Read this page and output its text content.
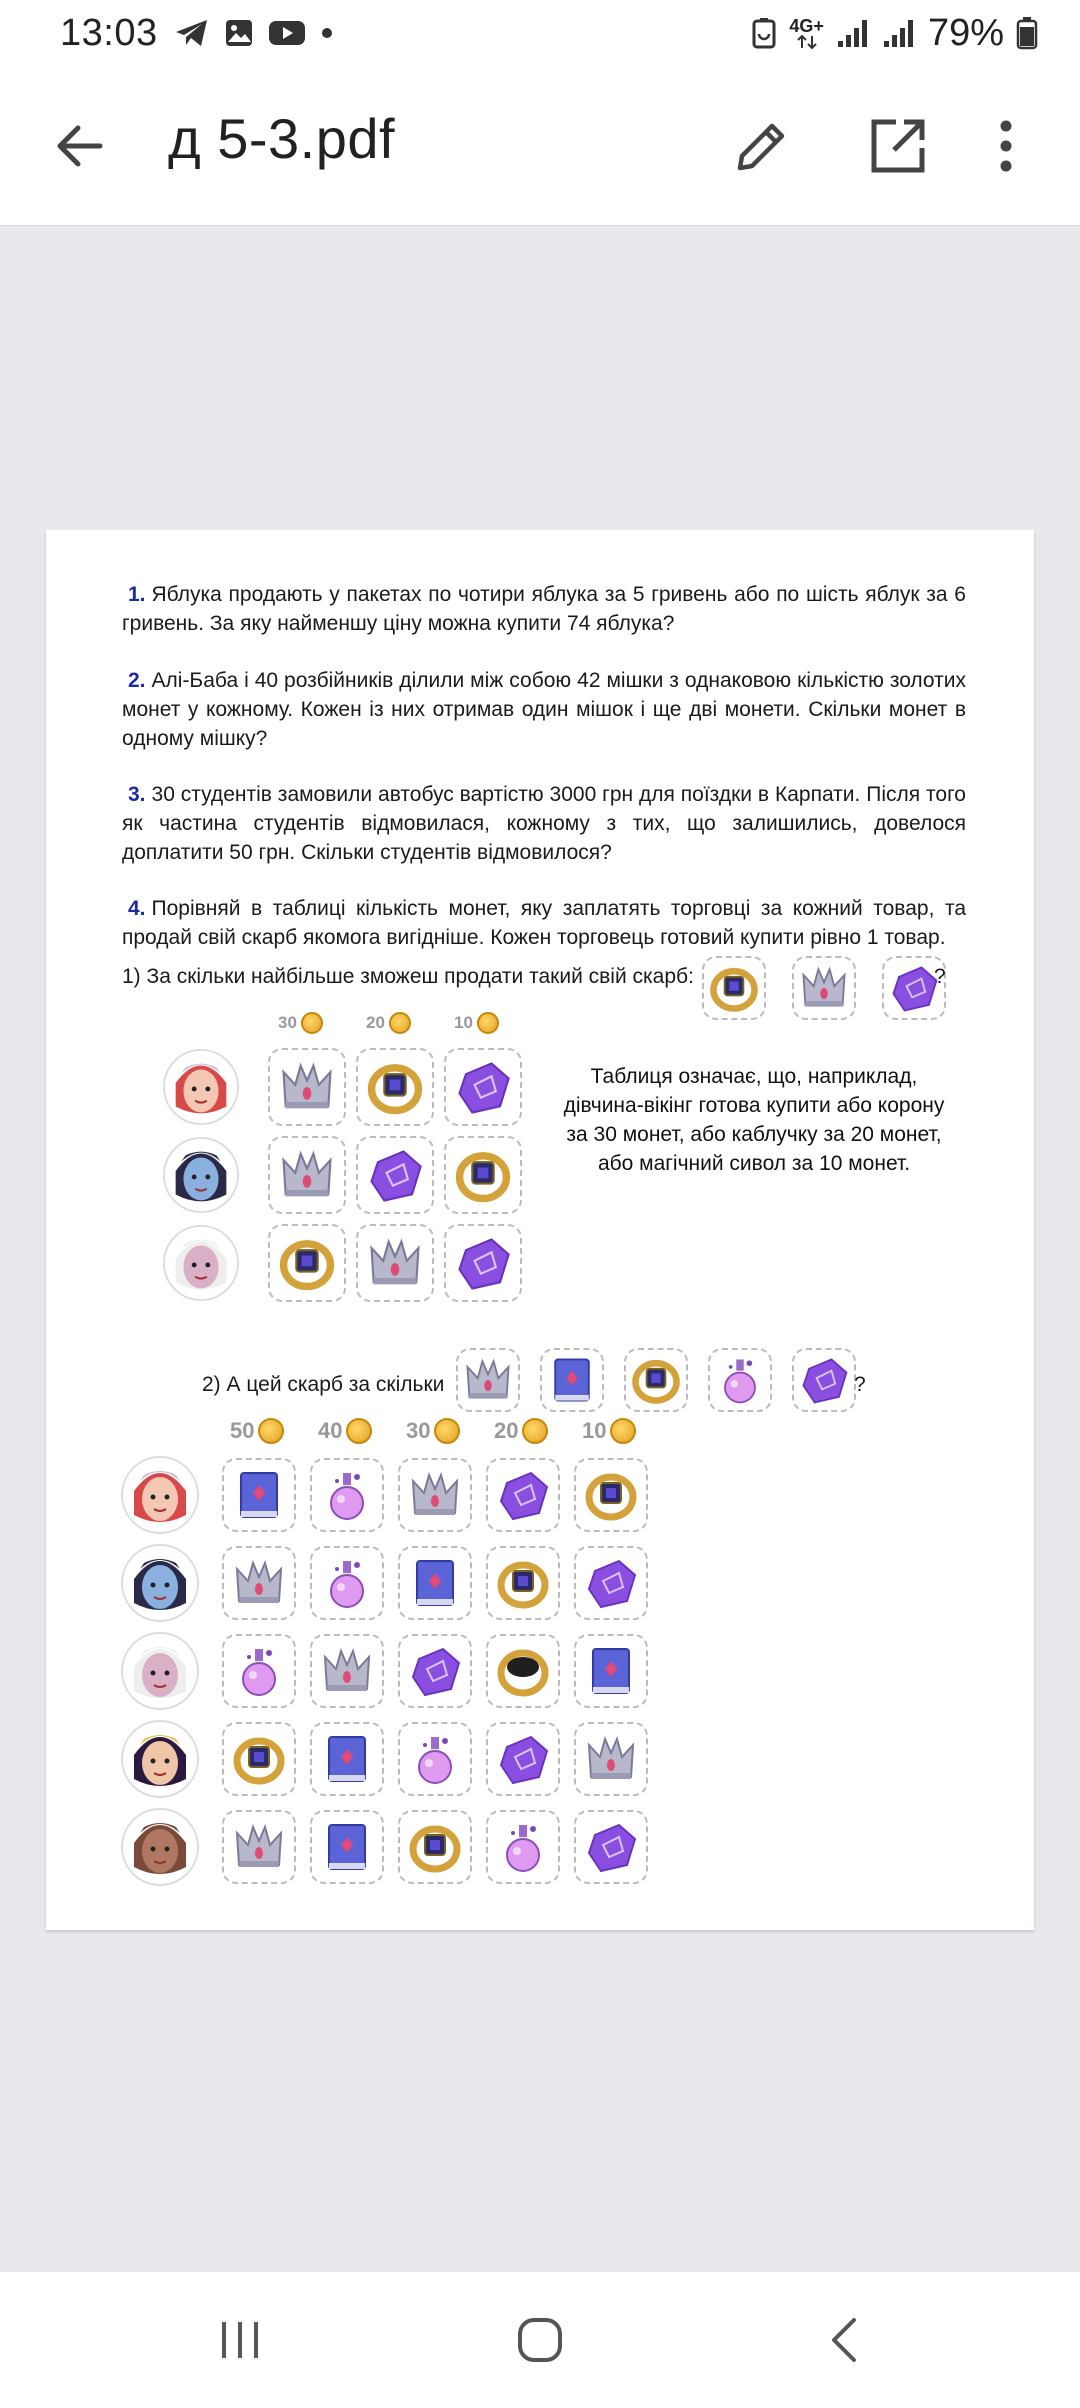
13:03	4G+	79%
д 5-3.pdf

1. Яблука продають у пакетах по чотири яблука за 5 гривень або по шість яблук за 6 гривень. За яку найменшу ціну можна купити 74 яблука?

2. Алі-Баба і 40 розбійників ділили між собою 42 мішки з однаковою кількістю золотих монет у кожному. Кожен із них отримав один мішок і ще дві монети. Скільки монет в одному мішку?

3. 30 студентів замовили автобус вартістю 3000 грн для поїздки в Карпати. Після того як частина студентів відмовилася, кожному з тих, що залишились, довелося доплатити 50 грн. Скільки студентів відмовилося?

4. Порівняй в таблиці кількість монет, яку заплатять торговці за кожний товар, та продай свій скарб якомога вигідніше. Кожен торговець готовий купити рівно 1 товар.

1) За скільки найбільше зможеш продати такий свій скарб:	?
30	20	10

Таблиця означає, що, наприклад, дівчина-вікінг готова купити або корону за 30 монет, або каблучку за 20 монет, або магічний сивол за 10 монет.

2) А цей скарб за скільки	?
50	40	30	20	10
